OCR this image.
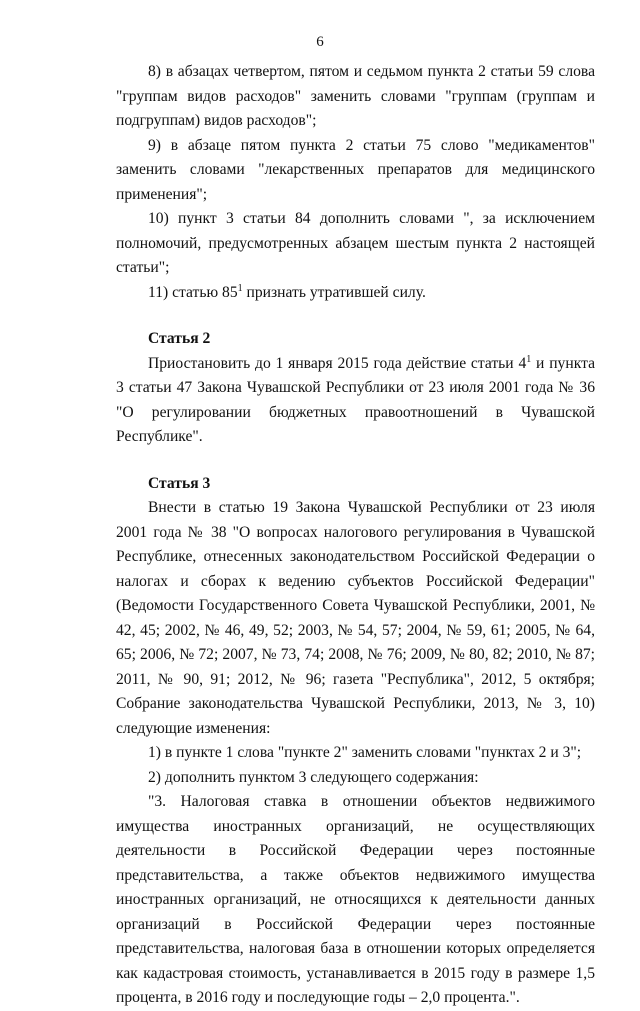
6

8) в абзацах четвертом, пятом и седьмом пункта 2 статьи 59 слова "группам видов расходов" заменить словами "группам (группам и подгруппам) видов расходов";

9) в абзаце пятом пункта 2 статьи 75 слово "медикаментов" заменить словами "лекарственных препаратов для медицинского применения";

10) пункт 3 статьи 84 дополнить словами ", за исключением полномочий, предусмотренных абзацем шестым пункта 2 настоящей статьи";

11) статью $85^1$ признать утратившей силу.

Статья 2

Приостановить до 1 января 2015 года действие статьи $4^1$ и пункта 3 статьи 47 Закона Чувашской Республики от 23 июля 2001 года № 36 "О регулировании бюджетных правоотношений в Чувашской Республике".

Статья 3

Внести в статью 19 Закона Чувашской Республики от 23 июля 2001 года № 38 "О вопросах налогового регулирования в Чувашской Республике, отнесенных законодательством Российской Федерации о налогах и сборах к ведению субъектов Российской Федерации" (Ведомости Государственного Совета Чувашской Республики, 2001, № 42, 45; 2002, № 46, 49, 52; 2003, № 54, 57; 2004, № 59, 61; 2005, № 64, 65; 2006, № 72; 2007, № 73, 74; 2008, № 76; 2009, № 80, 82; 2010, № 87; 2011, № 90, 91; 2012, № 96; газета "Республика", 2012, 5 октября; Собрание законодательства Чувашской Республики, 2013, № 3, 10) следующие изменения:

1) в пункте 1 слова "пункте 2" заменить словами "пунктах 2 и 3";

2) дополнить пунктом 3 следующего содержания:

"3. Налоговая ставка в отношении объектов недвижимого имущества иностранных организаций, не осуществляющих деятельности в Российской Федерации через постоянные представительства, а также объектов недвижимого имущества иностранных организаций, не относящихся к деятельности данных организаций в Российской Федерации через постоянные представительства, налоговая база в отношении которых определяется как кадастровая стоимость, устанавливается в 2015 году в размере 1,5 процента, в 2016 году и последующие годы – 2,0 процента.".
